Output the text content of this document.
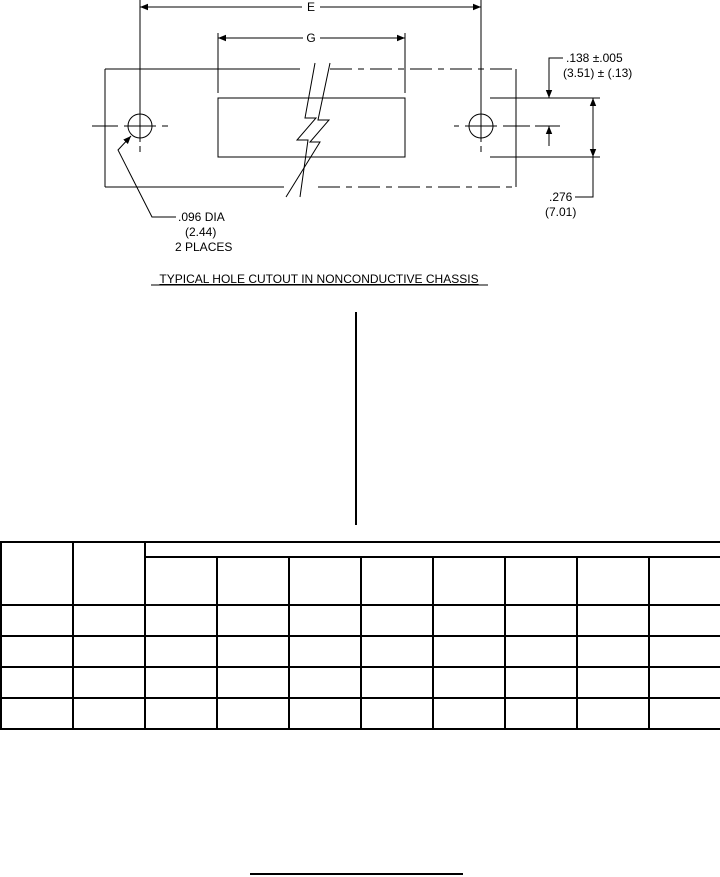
E
G
.138 ±.005
(3.51) ± (.13)
.276
(7.01)
.096 DIA
(2.44)
2 PLACES
TYPICAL HOLE CUTOUT IN NONCONDUCTIVE CHASSIS
